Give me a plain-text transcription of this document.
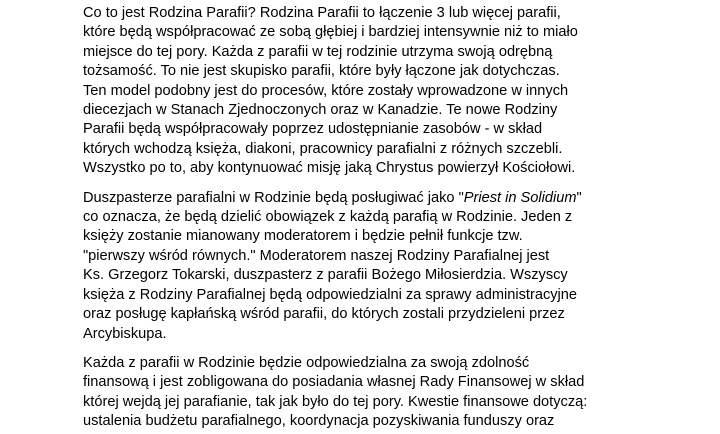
Co to jest Rodzina Parafii? Rodzina Parafii to łączenie 3 lub więcej parafii,
które będą współpracować ze sobą głębiej i bardziej intensywnie niż to miało
miejsce do tej pory. Każda z parafii w tej rodzinie utrzyma swoją odrębną
tożsamość. To nie jest skupisko parafii, które były łączone jak dotychczas.
Ten model podobny jest do procesów, które zostały wprowadzone w innych
diecezjach w Stanach Zjednoczonych oraz w Kanadzie. Te nowe Rodziny
Parafii będą współpracowały poprzez udostępnianie zasobów - w skład
których wchodzą księża, diakoni, pracownicy parafialni z różnych szczebli.
Wszystko po to, aby kontynuować misję jaką Chrystus powierzył Kościołowi.

Duszpasterze parafialni w Rodzinie będą posługiwać jako "Priest in Solidium"
co oznacza, że będą dzielić obowiązek z każdą parafią w Rodzinie. Jeden z
księży zostanie mianowany moderatorem i będzie pełnił funkcje tzw.
"pierwszy wśród równych." Moderatorem naszej Rodziny Parafialnej jest
Ks. Grzegorz Tokarski, duszpasterz z parafii Bożego Miłosierdzia. Wszyscy
księża z Rodziny Parafialnej będą odpowiedzialni za sprawy administracyjne
oraz posługę kapłańską wśród parafii, do których zostali przydzieleni przez
Arcybiskupa.

Każda z parafii w Rodzinie będzie odpowiedzialna za swoją zdolność
finansową i jest zobligowana do posiadania własnej Rady Finansowej w skład
której wejdą jej parafianie, tak jak było do tej pory. Kwestie finansowe dotyczą:
ustalenia budżetu parafialnego, koordynacja pozyskiwania funduszy oraz
